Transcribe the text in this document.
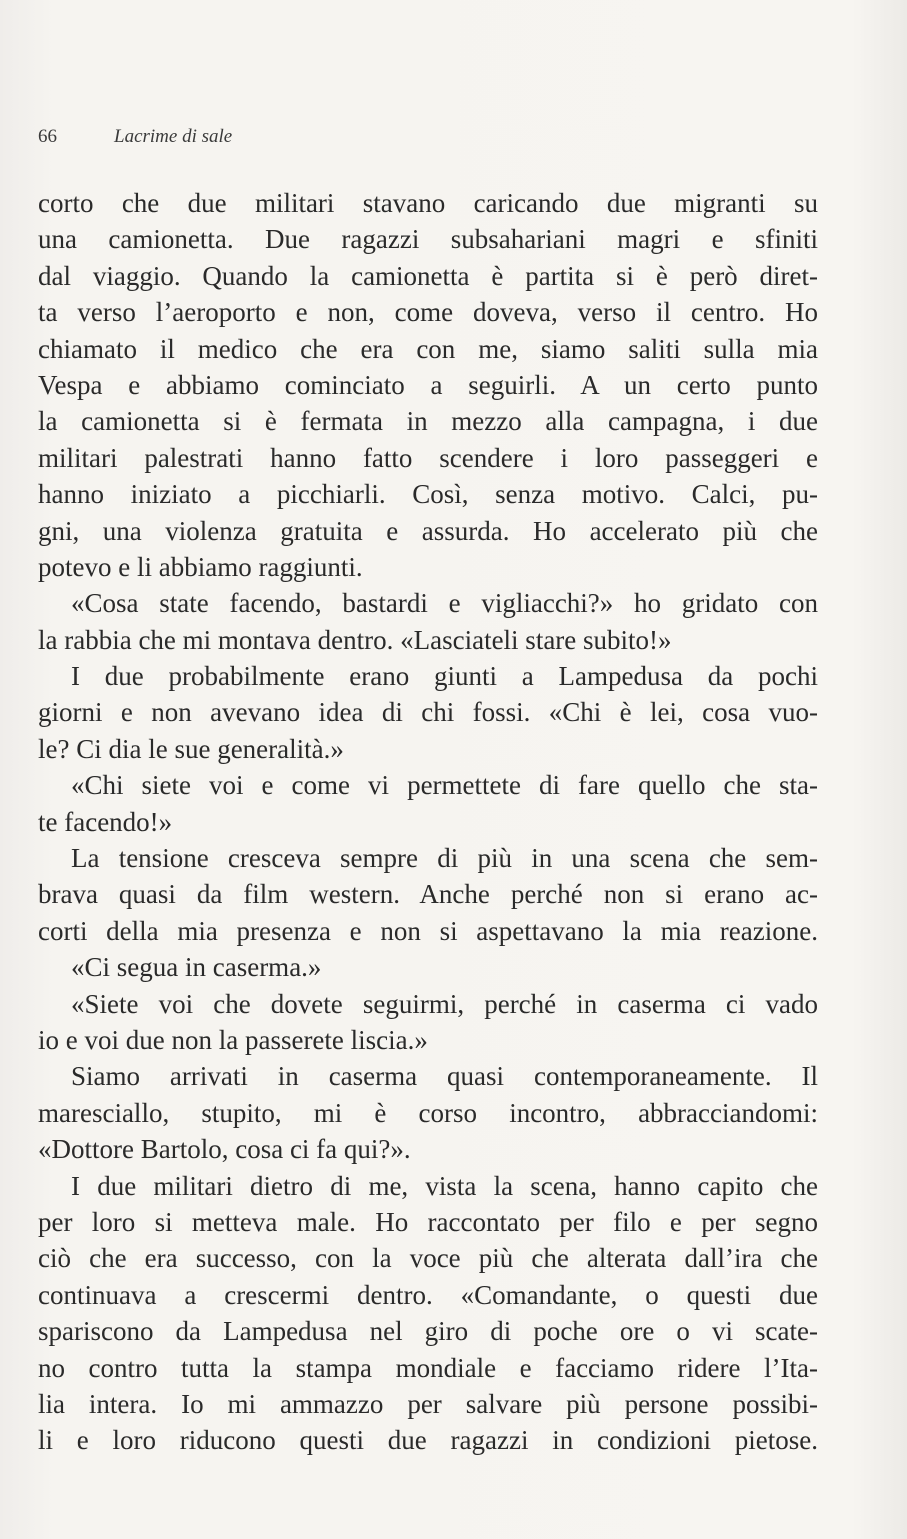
66	Lacrime di sale
corto che due militari stavano caricando due migranti su
una camionetta. Due ragazzi subsahariani magri e sfiniti
dal viaggio. Quando la camionetta è partita si è però diret-
ta verso l’aeroporto e non, come doveva, verso il centro. Ho
chiamato il medico che era con me, siamo saliti sulla mia
Vespa e abbiamo cominciato a seguirli. A un certo punto
la camionetta si è fermata in mezzo alla campagna, i due
militari palestrati hanno fatto scendere i loro passeggeri e
hanno iniziato a picchiarli. Così, senza motivo. Calci, pu-
gni, una violenza gratuita e assurda. Ho accelerato più che
potevo e li abbiamo raggiunti.
«Cosa state facendo, bastardi e vigliacchi?» ho gridato con
la rabbia che mi montava dentro. «Lasciateli stare subito!»
I due probabilmente erano giunti a Lampedusa da pochi
giorni e non avevano idea di chi fossi. «Chi è lei, cosa vuo-
le? Ci dia le sue generalità.»
«Chi siete voi e come vi permettete di fare quello che sta-
te facendo!»
La tensione cresceva sempre di più in una scena che sem-
brava quasi da film western. Anche perché non si erano ac-
corti della mia presenza e non si aspettavano la mia reazione.
«Ci segua in caserma.»
«Siete voi che dovete seguirmi, perché in caserma ci vado
io e voi due non la passerete liscia.»
Siamo arrivati in caserma quasi contemporaneamente. Il
maresciallo, stupito, mi è corso incontro, abbracciandomi:
«Dottore Bartolo, cosa ci fa qui?».
I due militari dietro di me, vista la scena, hanno capito che
per loro si metteva male. Ho raccontato per filo e per segno
ciò che era successo, con la voce più che alterata dall’ira che
continuava a crescermi dentro. «Comandante, o questi due
spariscono da Lampedusa nel giro di poche ore o vi scate-
no contro tutta la stampa mondiale e facciamo ridere l’Ita-
lia intera. Io mi ammazzo per salvare più persone possibi-
li e loro riducono questi due ragazzi in condizioni pietose.
